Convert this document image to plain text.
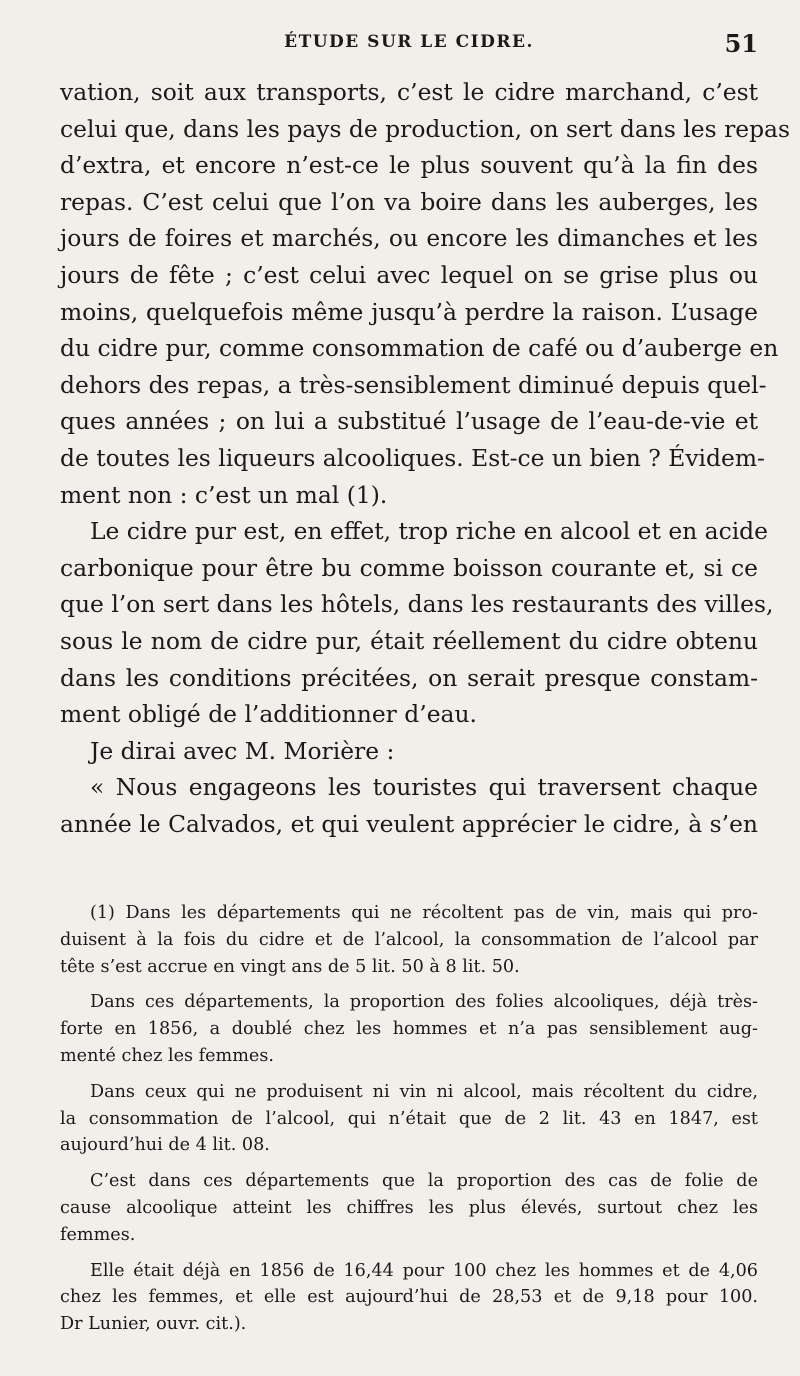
ÉTUDE SUR LE CIDRE.	51
vation, soit aux transports, c’est le cidre marchand, c’est
celui que, dans les pays de production, on sert dans les repas
d’extra, et encore n’est-ce le plus souvent qu’à la fin des
repas. C’est celui que l’on va boire dans les auberges, les
jours de foires et marchés, ou encore les dimanches et les
jours de fête ; c’est celui avec lequel on se grise plus ou
moins, quelquefois même jusqu’à perdre la raison. L’usage
du cidre pur, comme consommation de café ou d’auberge en
dehors des repas, a très-sensiblement diminué depuis quel-
ques années ; on lui a substitué l’usage de l’eau-de-vie et
de toutes les liqueurs alcooliques. Est-ce un bien ? Évidem-
ment non : c’est un mal (1).
Le cidre pur est, en effet, trop riche en alcool et en acide
carbonique pour être bu comme boisson courante et, si ce
que l’on sert dans les hôtels, dans les restaurants des villes,
sous le nom de cidre pur, était réellement du cidre obtenu
dans les conditions précitées, on serait presque constam-
ment obligé de l’additionner d’eau.
Je dirai avec M. Morière :
« Nous engageons les touristes qui traversent chaque
année le Calvados, et qui veulent apprécier le cidre, à s’en
(1) Dans les départements qui ne récoltent pas de vin, mais qui pro-
duisent à la fois du cidre et de l’alcool, la consommation de l’alcool par
tête s’est accrue en vingt ans de 5 lit. 50 à 8 lit. 50.
Dans ces départements, la proportion des folies alcooliques, déjà très-
forte en 1856, a doublé chez les hommes et n’a pas sensiblement aug-
menté chez les femmes.
Dans ceux qui ne produisent ni vin ni alcool, mais récoltent du cidre,
la consommation de l’alcool, qui n’était que de 2 lit. 43 en 1847, est
aujourd’hui de 4 lit. 08.
C’est dans ces départements que la proportion des cas de folie de
cause alcoolique atteint les chiffres les plus élevés, surtout chez les
femmes.
Elle était déjà en 1856 de 16,44 pour 100 chez les hommes et de 4,06
chez les femmes, et elle est aujourd’hui de 28,53 et de 9,18 pour 100.
Dr Lunier, ouvr. cit.).
